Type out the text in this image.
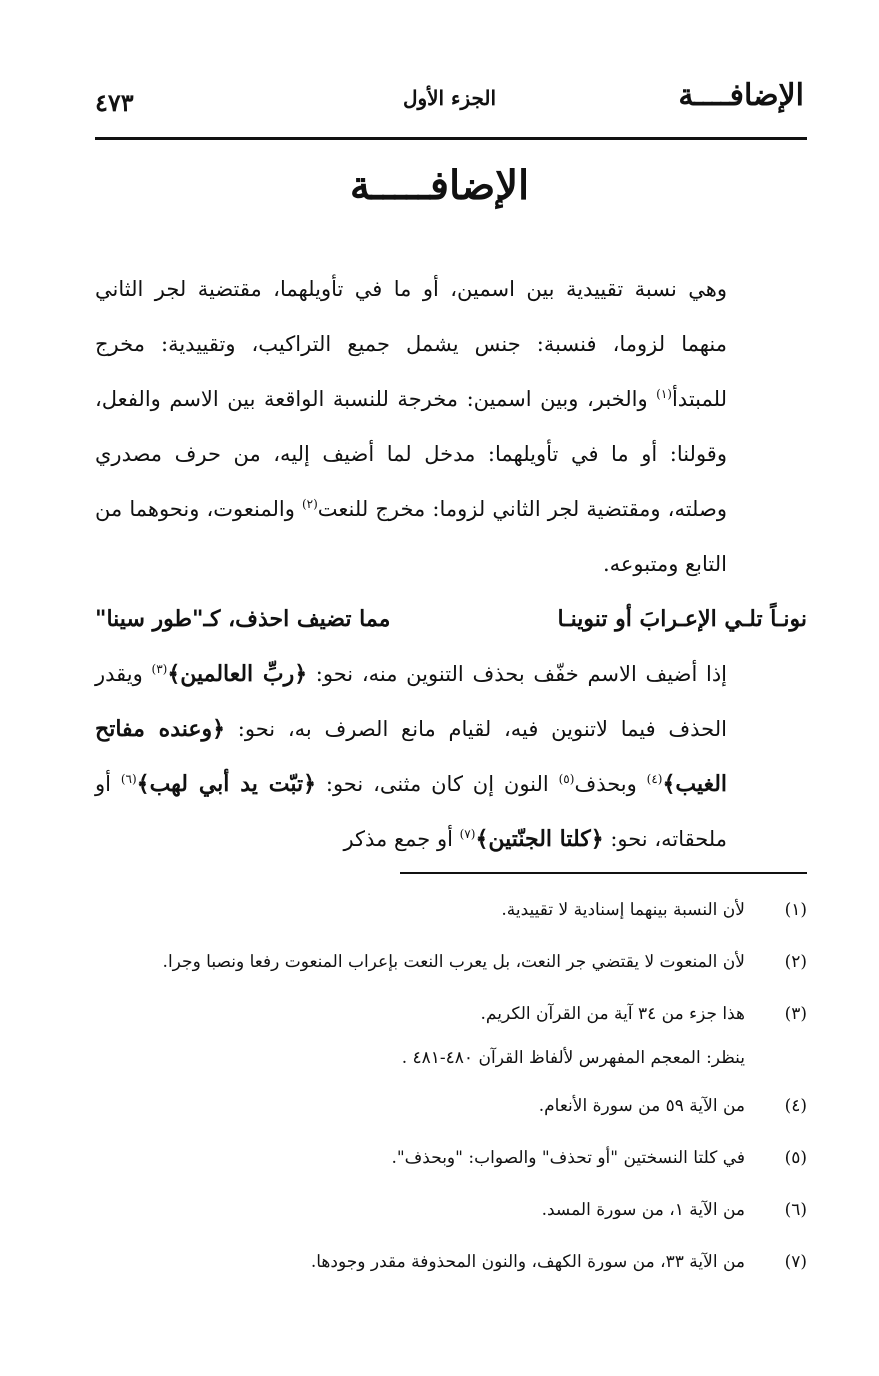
الإضافــــة
الجزء الأول
٤٧٣
الإضافـــــة

وهي نسبة تقييدية بين اسمين، أو ما في تأويلهما، مقتضية لجر الثاني منهما لزوما، فنسبة: جنس يشمل جميع التراكيب، وتقييدية: مخرج للمبتدأ$^{(١)}$ والخبر، وبين اسمين: مخرجة للنسبة الواقعة بين الاسم والفعل، وقولنا: أو ما في تأويلهما: مدخل لما أضيف إليه، من حرف مصدري وصلته، ومقتضية لجر الثاني لزوما: مخرج للنعت$^{(٢)}$ والمنعوت، ونحوهما من التابع ومتبوعه.

نونـاً تلـي الإعـرابَ أو تنوينـا
مما تضيف احذف، كـ"طور سينا"

إذا أضيف الاسم خفّف بحذف التنوين منه، نحو: ﴿ربِّ العالمين﴾$^{(٣)}$ ويقدر الحذف فيما لاتنوين فيه، لقيام مانع الصرف به، نحو: ﴿وعنده مفاتح الغيب﴾$^{(٤)}$ وبحذف$^{(٥)}$ النون إن كان مثنى، نحو: ﴿تبّت يد أبي لهب﴾$^{(٦)}$ أو ملحقاته، نحو: ﴿كلتا الجنّتين﴾$^{(٧)}$ أو جمع مذكر

(١)
لأن النسبة بينهما إسنادية لا تقييدية.
(٢)
لأن المنعوت لا يقتضي جر النعت، بل يعرب النعت بإعراب المنعوت رفعا ونصبا وجرا.
(٣)
هذا جزء من ٣٤ آية من القرآن الكريم.
ينظر: المعجم المفهرس لألفاظ القرآن ٤٨٠-٤٨١ .
(٤)
من الآية ٥٩ من سورة الأنعام.
(٥)
في كلتا النسختين "أو تحذف" والصواب: "وبحذف".
(٦)
من الآية ١، من سورة المسد.
(٧)
من الآية ٣٣، من سورة الكهف، والنون المحذوفة مقدر وجودها.
